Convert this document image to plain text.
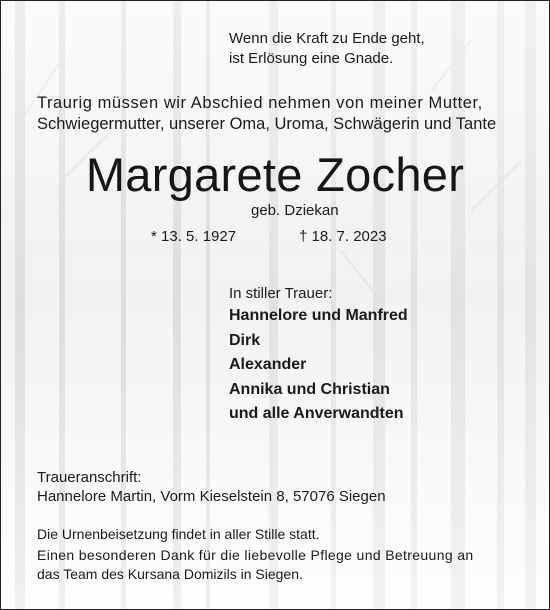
Wenn die Kraft zu Ende geht,
ist Erlösung eine Gnade.
Traurig müssen wir Abschied nehmen von meiner Mutter,
Schwiegermutter, unserer Oma, Uroma, Schwägerin und Tante
Margarete Zocher
geb. Dziekan
* 13. 5. 1927	† 18. 7. 2023
In stiller Trauer:
Hannelore und Manfred
Dirk
Alexander
Annika und Christian
und alle Anverwandten
Traueranschrift:
Hannelore Martin, Vorm Kieselstein 8, 57076 Siegen
Die Urnenbeisetzung findet in aller Stille statt.
Einen besonderen Dank für die liebevolle Pflege und Betreuung an
das Team des Kursana Domizils in Siegen.
